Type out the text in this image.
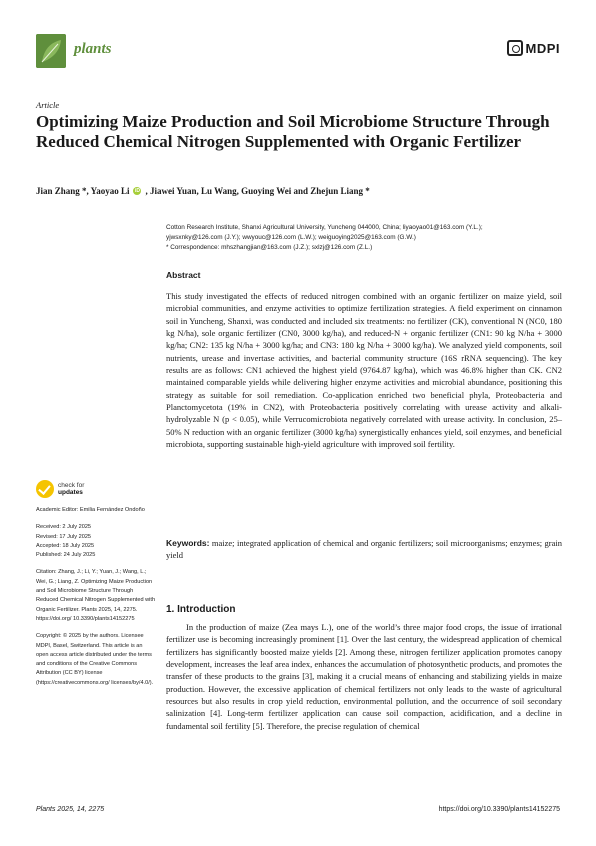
plants	MDPI
Article
Optimizing Maize Production and Soil Microbiome Structure Through Reduced Chemical Nitrogen Supplemented with Organic Fertilizer
Jian Zhang *, Yaoyao Li	iD , Jiawei Yuan, Lu Wang, Guoying Wei and Zhejun Liang *

Cotton Research Institute, Shanxi Agricultural University, Yuncheng 044000, China; liyaoyao01@163.com (Y.L.);

yjwsxnky@126.com (J.Y.); wwyouc@126.com (L.W.); weiguoying2025@163.com (G.W.)

* Correspondence: mhszhangjian@163.com (J.Z.); sxlzj@126.com (Z.L.)

Abstract

This study investigated the effects of reduced nitrogen combined with an organic fertilizer on maize yield, soil microbial communities, and enzyme activities to optimize fertilization strategies. A field experiment on cinnamon soil in Yuncheng, Shanxi, was conducted and included six treatments: no fertilizer (CK), conventional N (NC0, 180 kg N/ha), sole organic fertilizer (CN0, 3000 kg/ha), and reduced-N + organic fertilizer (CN1: 90 kg N/ha + 3000 kg/ha; CN2: 135 kg N/ha + 3000 kg/ha; and CN3: 180 kg N/ha + 3000 kg/ha). We analyzed yield components, soil nutrients, urease and invertase activities, and bacterial community structure (16S rRNA sequencing). The key results are as follows: CN1 achieved the highest yield (9764.87 kg/ha), which was 46.8% higher than CK. CN2 maintained comparable yields while delivering higher enzyme activities and microbial abundance, positioning this strategy as suitable for soil remediation. Co-application enriched two beneficial phyla, Proteobacteria and Planctomycetota (19% in CN2), with Proteobacteria positively correlating with urease activity and alkali-hydrolyzable N (p < 0.05), while Verrucomicrobiota negatively correlated with urease activity. In conclusion, 25–50% N reduction with an organic fertilizer (3000 kg/ha) synergistically enhances yield, soil enzymes, and beneficial microbiota, supporting sustainable high-yield agriculture with improved soil fertility.

Keywords: maize; integrated application of chemical and organic fertilizers; soil microorganisms; enzymes; grain yield

1. Introduction

In the production of maize (Zea mays L.), one of the world’s three major food crops, the issue of irrational fertilizer use is becoming increasingly prominent [1]. Over the last century, the widespread application of chemical fertilizers has significantly boosted maize yields [2]. Among these, nitrogen fertilizer application promotes canopy development, increases the leaf area index, enhances the accumulation of photosynthetic products, and promotes the transfer of these products to the grains [3], making it a crucial means of enhancing and stabilizing yields in maize production. However, the excessive application of chemical fertilizers not only leads to the waste of agricultural resources but also results in crop yield reduction, environmental pollution, and the occurrence of soil secondary salinization [4]. Long-term fertilizer application can cause soil compaction, acidification, and a decline in fundamental soil fertility [5]. Therefore, the precise regulation of chemical

check for
updates
Academic Editor: Emilia Fernández Ondoño
Received: 2 July 2025
Revised: 17 July 2025
Accepted: 18 July 2025
Published: 24 July 2025
Citation: Zhang, J.; Li, Y.; Yuan, J.; Wang, L.; Wei, G.; Liang, Z. Optimizing Maize Production and Soil Microbiome Structure Through Reduced Chemical Nitrogen Supplemented with Organic Fertilizer. Plants 2025, 14, 2275. https://doi.org/ 10.3390/plants14152275
Copyright: © 2025 by the authors. Licensee MDPI, Basel, Switzerland. This article is an open access article distributed under the terms and conditions of the Creative Commons Attribution (CC BY) license (https://creativecommons.org/ licenses/by/4.0/).
Plants 2025, 14, 2275	https://doi.org/10.3390/plants14152275
